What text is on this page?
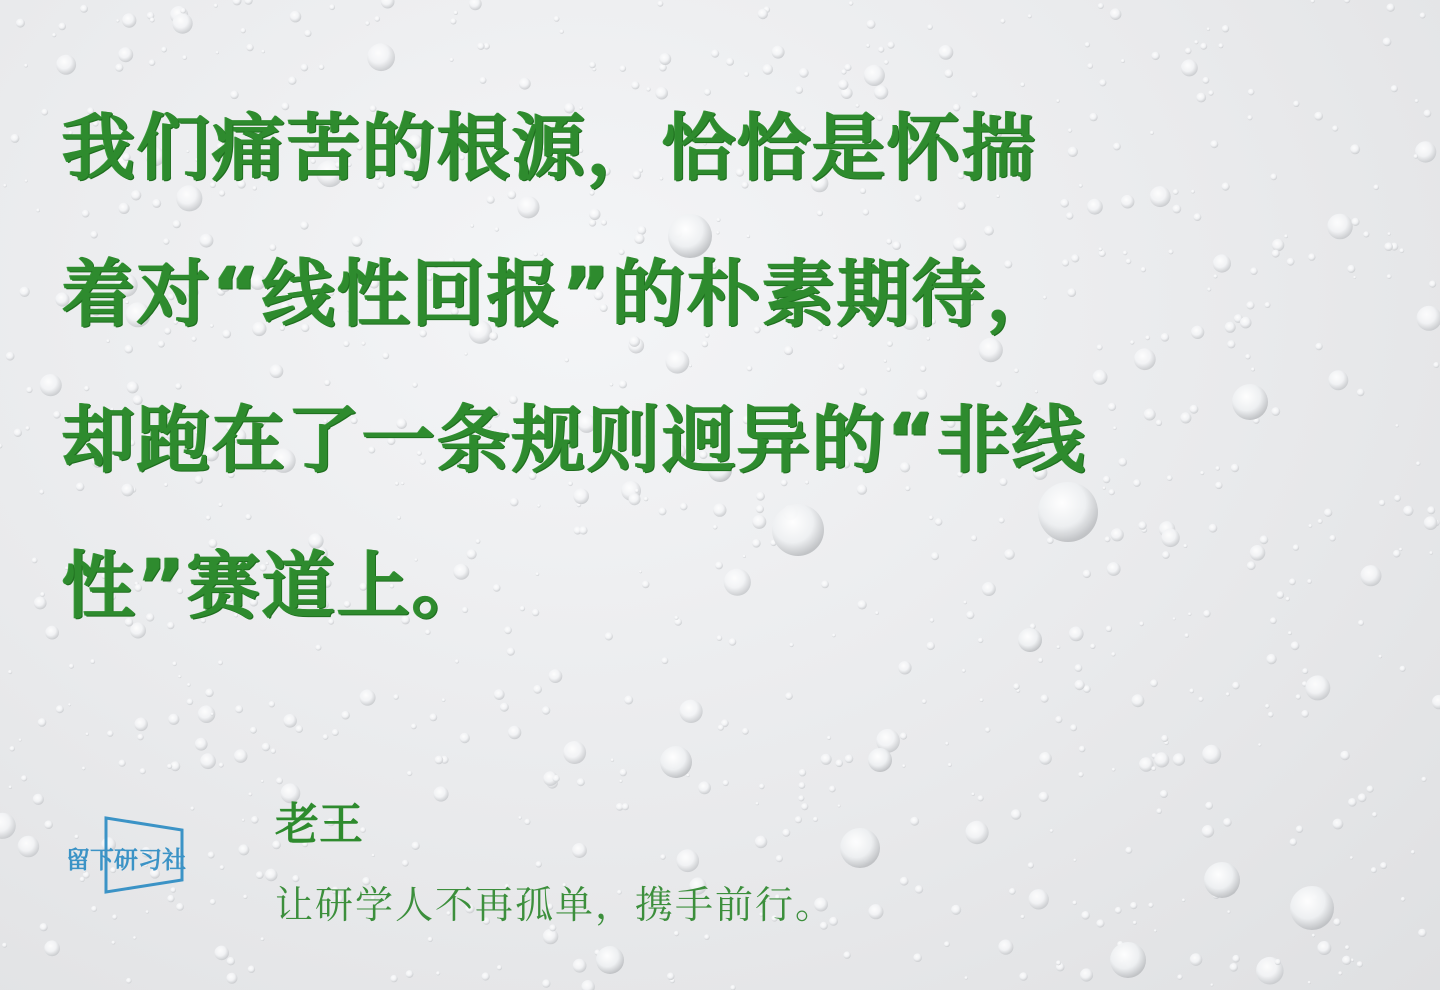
我们痛苦的根源，恰恰是怀揣
着对“线性回报”的朴素期待，
却跑在了一条规则迥异的“非线
性”赛道上。
留下研习社
老王
让研学人不再孤单，携手前行。
